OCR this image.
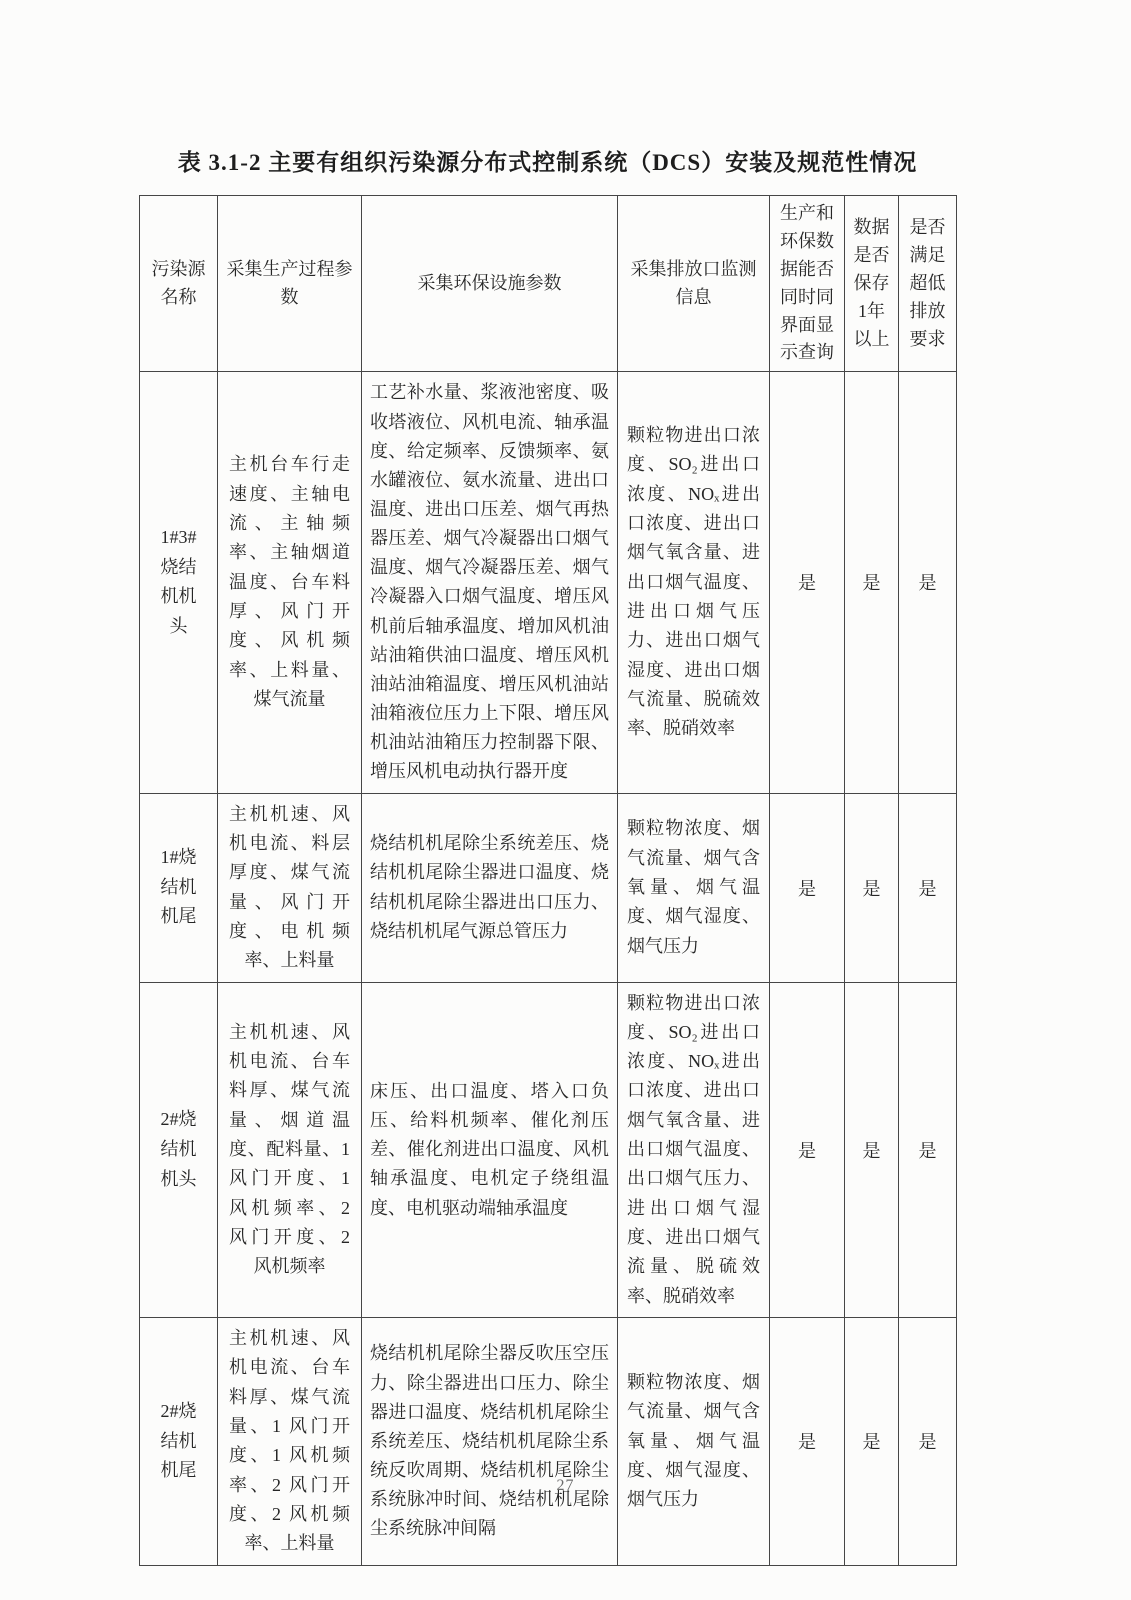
表 3.1-2 主要有组织污染源分布式控制系统（DCS）安装及规范性情况
污染源名称	采集生产过程参数	采集环保设施参数	采集排放口监测信息	生产和环保数据能否同时同界面显示查询	数据是否保存1年以上	是否满足超低排放要求
1#3#烧结机机头	主机台车行走速度、主轴电流、主轴频率、主轴烟道温度、台车料厚、风门开度、风机频率、上料量、煤气流量	工艺补水量、浆液池密度、吸收塔液位、风机电流、轴承温度、给定频率、反馈频率、氨水罐液位、氨水流量、进出口温度、进出口压差、烟气再热器压差、烟气冷凝器出口烟气温度、烟气冷凝器压差、烟气冷凝器入口烟气温度、增压风机前后轴承温度、增加风机油站油箱供油口温度、增压风机油站油箱温度、增压风机油站油箱液位压力上下限、增压风机油站油箱压力控制器下限、增压风机电动执行器开度	颗粒物进出口浓度、SO₂进出口浓度、NOₓ进出口浓度、进出口烟气氧含量、进出口烟气温度、进出口烟气压力、进出口烟气湿度、进出口烟气流量、脱硫效率、脱硝效率	是	是	是
1#烧结机机尾	主机机速、风机电流、料层厚度、煤气流量、风门开度、电机频率、上料量	烧结机机尾除尘系统差压、烧结机机尾除尘器进口温度、烧结机机尾除尘器进出口压力、烧结机机尾气源总管压力	颗粒物浓度、烟气流量、烟气含氧量、烟气温度、烟气湿度、烟气压力	是	是	是
2#烧结机机头	主机机速、风机电流、台车料厚、煤气流量、烟道温度、配料量、1 风门开度、1 风机频率、2 风门开度、2 风机频率	床压、出口温度、塔入口负压、给料机频率、催化剂压差、催化剂进出口温度、风机轴承温度、电机定子绕组温度、电机驱动端轴承温度	颗粒物进出口浓度、SO₂进出口浓度、NOₓ进出口浓度、进出口烟气氧含量、进出口烟气温度、出口烟气压力、进出口烟气湿度、进出口烟气流量、脱硫效率、脱硝效率	是	是	是
2#烧结机机尾	主机机速、风机电流、台车料厚、煤气流量、1 风门开度、1 风机频率、2 风门开度、2 风机频率、上料量	烧结机机尾除尘器反吹压空压力、除尘器进出口压力、除尘器进口温度、烧结机机尾除尘系统差压、烧结机机尾除尘系统反吹周期、烧结机机尾除尘系统脉冲时间、烧结机机尾除尘系统脉冲间隔	颗粒物浓度、烟气流量、烟气含氧量、烟气温度、烟气湿度、烟气压力	是	是	是
27
